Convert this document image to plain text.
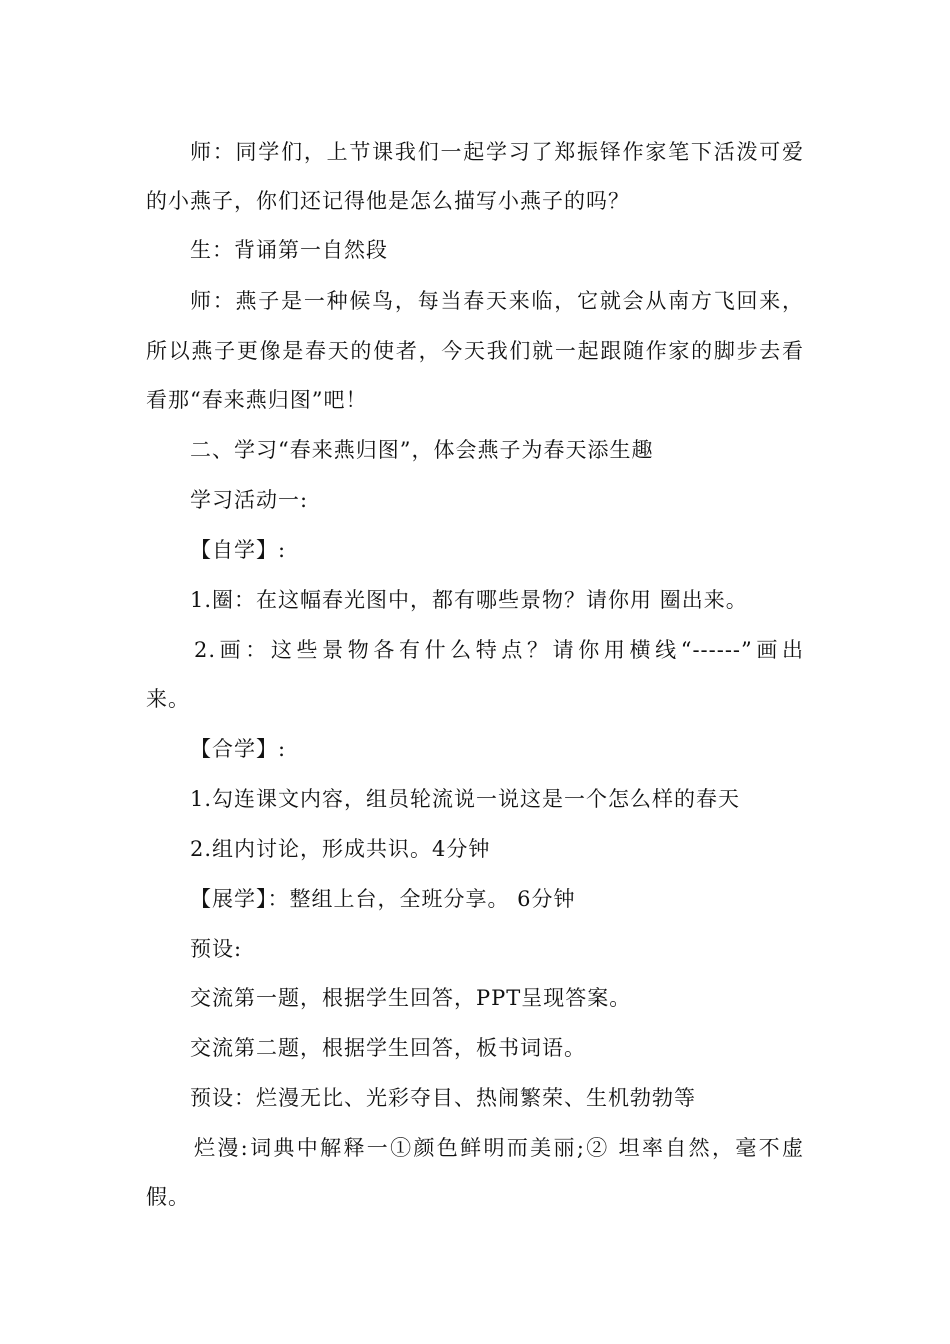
师：同学们，上节课我们一起学习了郑振铎作家笔下活泼可爱
的小燕子，你们还记得他是怎么描写小燕子的吗？
生：背诵第一自然段
师：燕子是一种候鸟，每当春天来临，它就会从南方飞回来，
所以燕子更像是春天的使者，今天我们就一起跟随作家的脚步去看
看那“春来燕归图”吧！
二、学习“春来燕归图”，体会燕子为春天添生趣
学习活动一:
【自学】:
1.圈：在这幅春光图中，都有哪些景物？请你用 圈出来。
2.画：这些景物各有什么特点？请你用横线“------”画出
来。
【合学】:
1.勾连课文内容，组员轮流说一说这是一个怎么样的春天
2.组内讨论，形成共识。4分钟
【展学】：整组上台，全班分享。 6分钟
预设:
交流第一题，根据学生回答，PPT呈现答案。
交流第二题，根据学生回答，板书词语。
预设：烂漫无比、光彩夺目、热闹繁荣、生机勃勃等
烂漫:词典中解释一①颜色鲜明而美丽;② 坦率自然，毫不虚
假。
